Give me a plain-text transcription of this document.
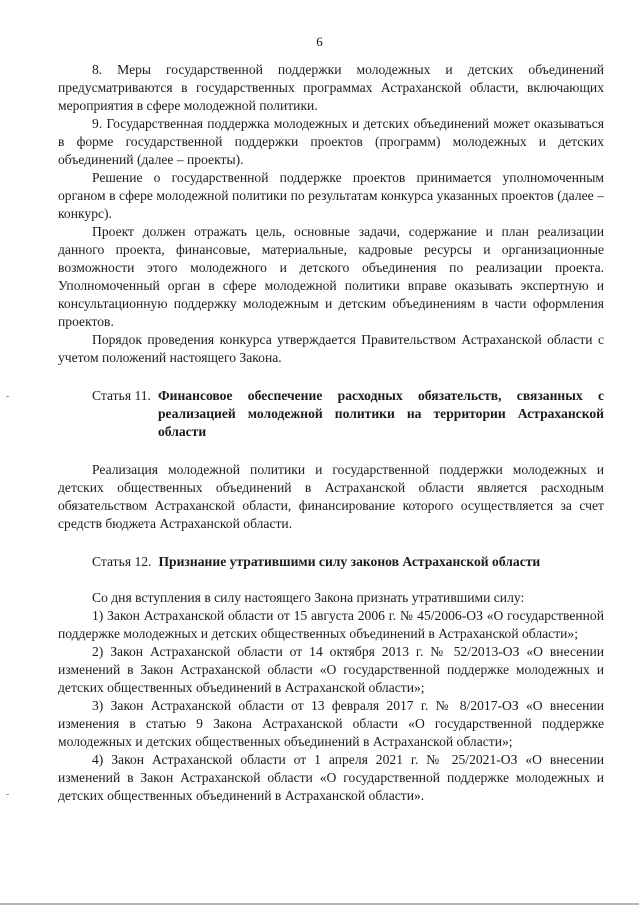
6

8. Меры государственной поддержки молодежных и детских объединений предусматриваются в государственных программах Астраханской области, включающих мероприятия в сфере молодежной политики.

9. Государственная поддержка молодежных и детских объединений может оказываться в форме государственной поддержки проектов (программ) молодежных и детских объединений (далее – проекты).

Решение о государственной поддержке проектов принимается уполномоченным органом в сфере молодежной политики по результатам конкурса указанных проектов (далее – конкурс).

Проект должен отражать цель, основные задачи, содержание и план реализации данного проекта, финансовые, материальные, кадровые ресурсы и организационные возможности этого молодежного и детского объединения по реализации проекта. Уполномоченный орган в сфере молодежной политики вправе оказывать экспертную и консультационную поддержку молодежным и детским объединениям в части оформления проектов.

Порядок проведения конкурса утверждается Правительством Астраханской области с учетом положений настоящего Закона.

Статья 11. Финансовое обеспечение расходных обязательств, связанных с реализацией молодежной политики на территории Астраханской области

Реализация молодежной политики и государственной поддержки молодежных и детских общественных объединений в Астраханской области является расходным обязательством Астраханской области, финансирование которого осуществляется за счет средств бюджета Астраханской области.

Статья 12. Признание утратившими силу законов Астраханской области

Со дня вступления в силу настоящего Закона признать утратившими силу:

1) Закон Астраханской области от 15 августа 2006 г. № 45/2006-ОЗ «О государственной поддержке молодежных и детских общественных объединений в Астраханской области»;

2) Закон Астраханской области от 14 октября 2013 г. № 52/2013-ОЗ «О внесении изменений в Закон Астраханской области «О государственной поддержке молодежных и детских общественных объединений в Астраханской области»;

3) Закон Астраханской области от 13 февраля 2017 г. № 8/2017-ОЗ «О внесении изменения в статью 9 Закона Астраханской области «О государственной поддержке молодежных и детских общественных объединений в Астраханской области»;

4) Закон Астраханской области от 1 апреля 2021 г. № 25/2021-ОЗ «О внесении изменений в Закон Астраханской области «О государственной поддержке молодежных и детских общественных объединений в Астраханской области».
